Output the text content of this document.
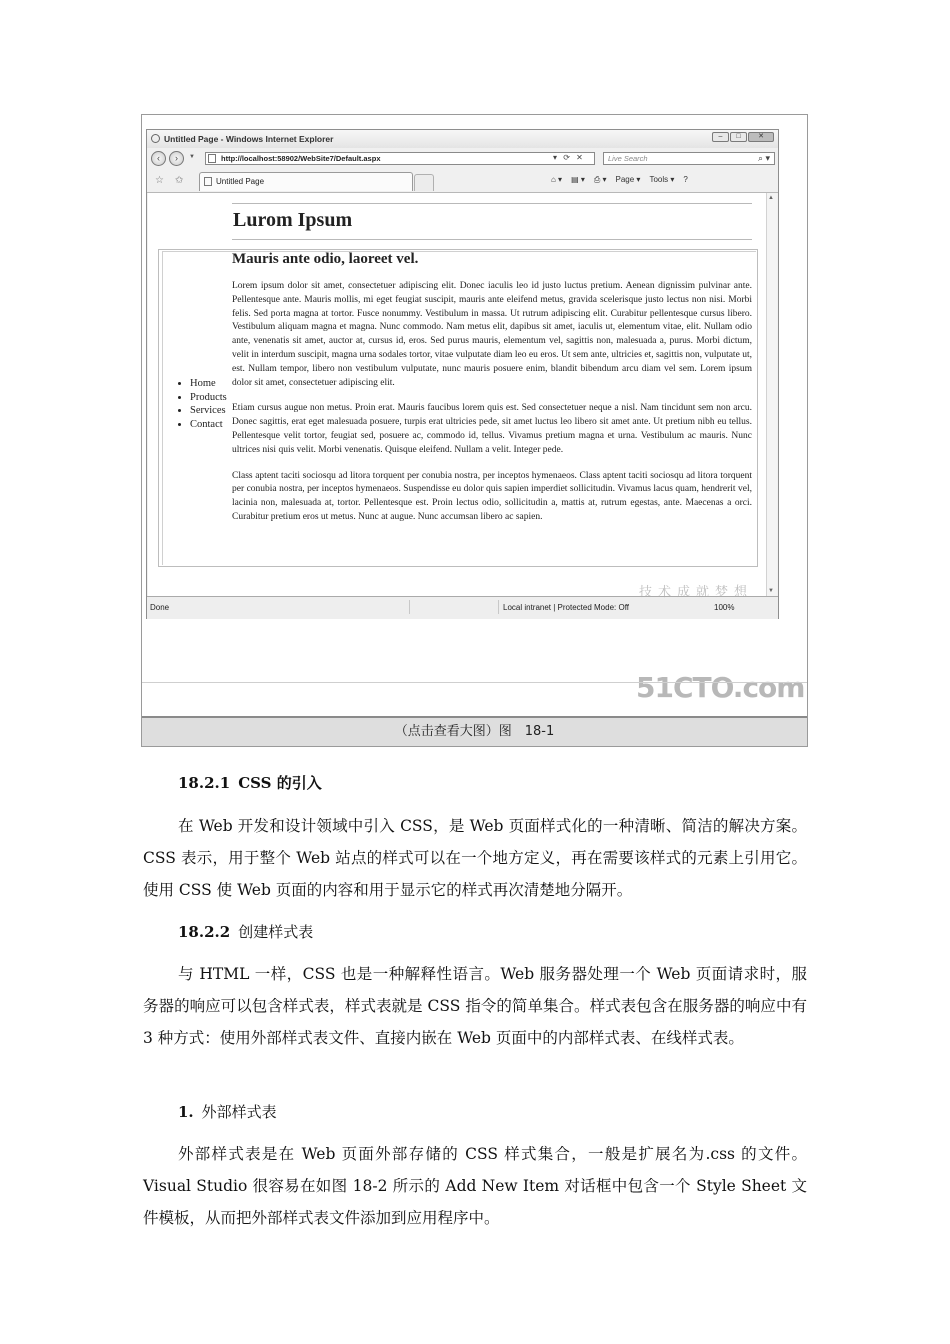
Untitled Page - Windows Internet Explorer	–	□	✕
‹	›	▼	http://localhost:58902/WebSite7/Default.aspx	▾ ⟳ ✕	Live Search	⌕ ▾
☆ ✩	Untitled Page	⌂ ▾ ▤ ▾ ⎙ ▾ Page ▾ Tools ▾ ?
Lurom Ipsum
• Home
• Products
• Services
• Contact
Mauris ante odio, laoreet vel.

Lorem ipsum dolor sit amet, consectetuer adipiscing elit. Donec iaculis leo id justo luctus pretium. Aenean dignissim pulvinar ante. Pellentesque ante. Mauris mollis, mi eget feugiat suscipit, mauris ante eleifend metus, gravida scelerisque justo lectus non nisi. Morbi felis. Sed porta magna at tortor. Fusce nonummy. Vestibulum in massa. Ut rutrum adipiscing elit. Curabitur pellentesque cursus libero. Vestibulum aliquam magna et magna. Nunc commodo. Nam metus elit, dapibus sit amet, iaculis ut, elementum vitae, elit. Nullam odio ante, venenatis sit amet, auctor at, cursus id, eros. Sed purus mauris, elementum vel, sagittis non, malesuada a, purus. Morbi dictum, velit in interdum suscipit, magna urna sodales tortor, vitae vulputate diam leo eu eros. Ut sem ante, ultricies et, sagittis non, vulputate ut, est. Nullam tempor, libero non vestibulum vulputate, nunc mauris posuere enim, blandit bibendum arcu diam vel sem. Lorem ipsum dolor sit amet, consectetuer adipiscing elit.

Etiam cursus augue non metus. Proin erat. Mauris faucibus lorem quis est. Sed consectetuer neque a nisl. Nam tincidunt sem non arcu. Donec sagittis, erat eget malesuada posuere, turpis erat ultricies pede, sit amet luctus leo libero sit amet ante. Ut pretium nibh eu tellus. Pellentesque velit tortor, feugiat sed, posuere ac, commodo id, tellus. Vivamus pretium magna et urna. Vestibulum ac mauris. Nunc ultrices nisi quis velit. Morbi venenatis. Quisque eleifend. Nullam a velit. Integer pede.

Class aptent taciti sociosqu ad litora torquent per conubia nostra, per inceptos hymenaeos. Class aptent taciti sociosqu ad litora torquent per conubia nostra, per inceptos hymenaeos. Suspendisse eu dolor quis sapien imperdiet sollicitudin. Vivamus lacus quam, hendrerit vel, lacinia non, malesuada at, tortor. Pellentesque est. Proin lectus odio, sollicitudin a, mattis at, rutrum egestas, ante. Maecenas a orci. Curabitur pretium eros ut metus. Nunc at augue. Nunc accumsan libero ac sapien.

▲
▼
Done	Local intranet | Protected Mode: Off	100%
51CTO.com
技术成就梦想
（点击查看大图）图　18-1
18.2.1 CSS 的引入

在 Web 开发和设计领域中引入 CSS，是 Web 页面样式化的一种清晰、简洁的解决方案。CSS 表示，用于整个 Web 站点的样式可以在一个地方定义，再在需要该样式的元素上引用它。使用 CSS 使 Web 页面的内容和用于显示它的样式再次清楚地分隔开。

18.2.2 创建样式表

与 HTML 一样，CSS 也是一种解释性语言。Web 服务器处理一个 Web 页面请求时，服务器的响应可以包含样式表，样式表就是 CSS 指令的简单集合。样式表包含在服务器的响应中有 3 种方式：使用外部样式表文件、直接内嵌在 Web 页面中的内部样式表、在线样式表。

1. 外部样式表

外部样式表是在 Web 页面外部存储的 CSS 样式集合，一般是扩展名为.css 的文件。Visual Studio 很容易在如图 18-2 所示的 Add New Item 对话框中包含一个 Style Sheet 文件模板，从而把外部样式表文件添加到应用程序中。
